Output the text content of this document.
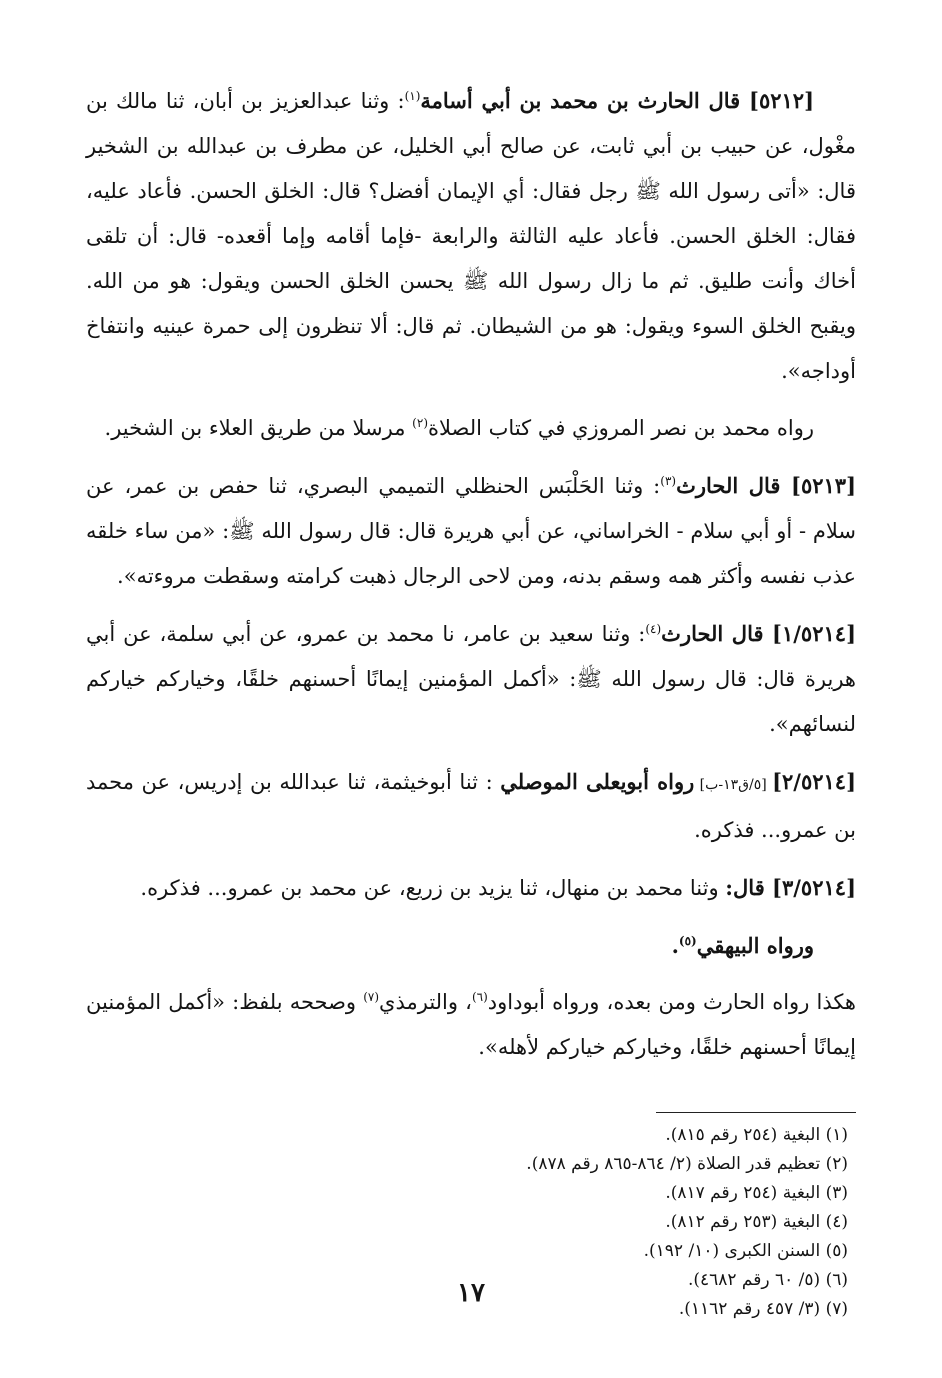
[٥٢١٢] قال الحارث بن محمد بن أبي أسامة$^{(١)}$: وثنا عبدالعزيز بن أبان، ثنا مالك بن مغْول، عن حبيب بن أبي ثابت، عن صالح أبي الخليل، عن مطرف بن عبدالله بن الشخير قال: «أتى رسول الله ﷺ رجل فقال: أي الإيمان أفضل؟ قال: الخلق الحسن. فأعاد عليه، فقال: الخلق الحسن. فأعاد عليه الثالثة والرابعة -فإما أقامه وإما أقعده- قال: أن تلقى أخاك وأنت طليق. ثم ما زال رسول الله ﷺ يحسن الخلق الحسن ويقول: هو من الله. ويقبح الخلق السوء ويقول: هو من الشيطان. ثم قال: ألا تنظرون إلى حمرة عينيه وانتفاخ أوداجه».

رواه محمد بن نصر المروزي في كتاب الصلاة$^{(٢)}$ مرسلا من طريق العلاء بن الشخير.

[٥٢١٣] قال الحارث$^{(٣)}$: وثنا الحَلْبَس الحنظلي التميمي البصري، ثنا حفص بن عمر، عن سلام - أو أبي سلام - الخراساني، عن أبي هريرة قال: قال رسول الله ﷺ: «من ساء خلقه عذب نفسه وأكثر همه وسقم بدنه، ومن لاحى الرجال ذهبت كرامته وسقطت مروءته».

[١/٥٢١٤] قال الحارث$^{(٤)}$: وثنا سعيد بن عامر، نا محمد بن عمرو، عن أبي سلمة، عن أبي هريرة قال: قال رسول الله ﷺ: «أكمل المؤمنين إيمانًا أحسنهم خلقًا، وخياركم خياركم لنسائهم».

[٢/٥٢١٤] [٥/ق١٣-ب] رواه أبويعلى الموصلي : ثنا أبوخيثمة، ثنا عبدالله بن إدريس، عن محمد بن عمرو... فذكره.

[٣/٥٢١٤] قال: وثنا محمد بن منهال، ثنا يزيد بن زريع، عن محمد بن عمرو... فذكره.

ورواه البيهقي$^{(٥)}$.

هكذا رواه الحارث ومن بعده، ورواه أبوداود$^{(٦)}$، والترمذي$^{(٧)}$ وصححه بلفظ: «أكمل المؤمنين إيمانًا أحسنهم خلقًا، وخياركم خياركم لأهله».

(١) البغية (٢٥٤ رقم ٨١٥).

(٢) تعظيم قدر الصلاة (٢/ ٨٦٤-٨٦٥ رقم ٨٧٨).

(٣) البغية (٢٥٤ رقم ٨١٧).

(٤) البغية (٢٥٣ رقم ٨١٢).

(٥) السنن الكبرى (١٠/ ١٩٢).

(٦) (٥/ ٦٠ رقم ٤٦٨٢).

(٧) (٣/ ٤٥٧ رقم ١١٦٢).

١٧
